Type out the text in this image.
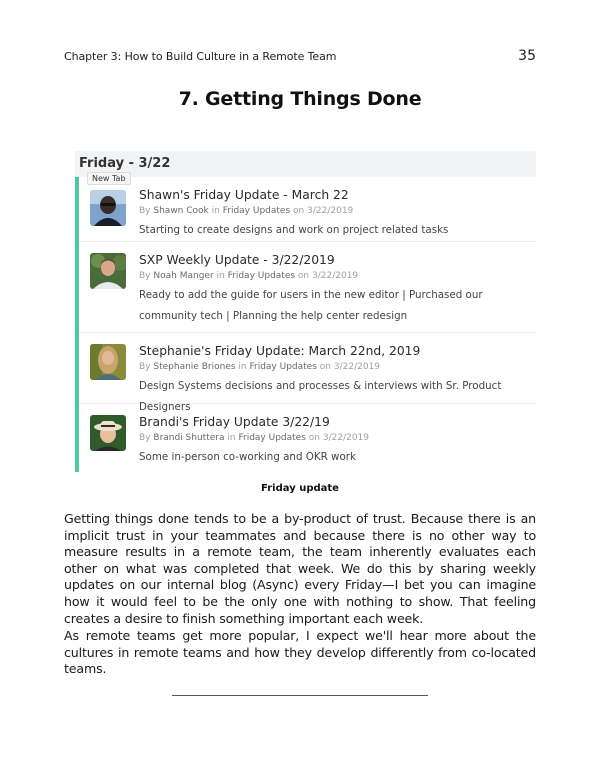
Chapter 3: How to Build Culture in a Remote Team	35
7. Getting Things Done
Friday - 3/22
New Tab
Shawn's Friday Update - March 22
By Shawn Cook in Friday Updates on 3/22/2019
Starting to create designs and work on project related tasks
SXP Weekly Update - 3/22/2019
By Noah Manger in Friday Updates on 3/22/2019
Ready to add the guide for users in the new editor | Purchased our community tech | Planning the help center redesign
Stephanie's Friday Update: March 22nd, 2019
By Stephanie Briones in Friday Updates on 3/22/2019
Design Systems decisions and processes & interviews with Sr. Product Designers
Brandi's Friday Update 3/22/19
By Brandi Shuttera in Friday Updates on 3/22/2019
Some in-person co-working and OKR work
Friday update

Getting things done tends to be a by-product of trust. Because there is an implicit trust in your teammates and because there is no other way to measure results in a remote team, the team inherently evaluates each other on what was completed that week. We do this by sharing weekly updates on our internal blog (Async) every Friday—I bet you can imagine how it would feel to be the only one with nothing to show. That feeling creates a desire to finish something important each week.

As remote teams get more popular, I expect we'll hear more about the cultures in remote teams and how they develop differently from co-located teams.
